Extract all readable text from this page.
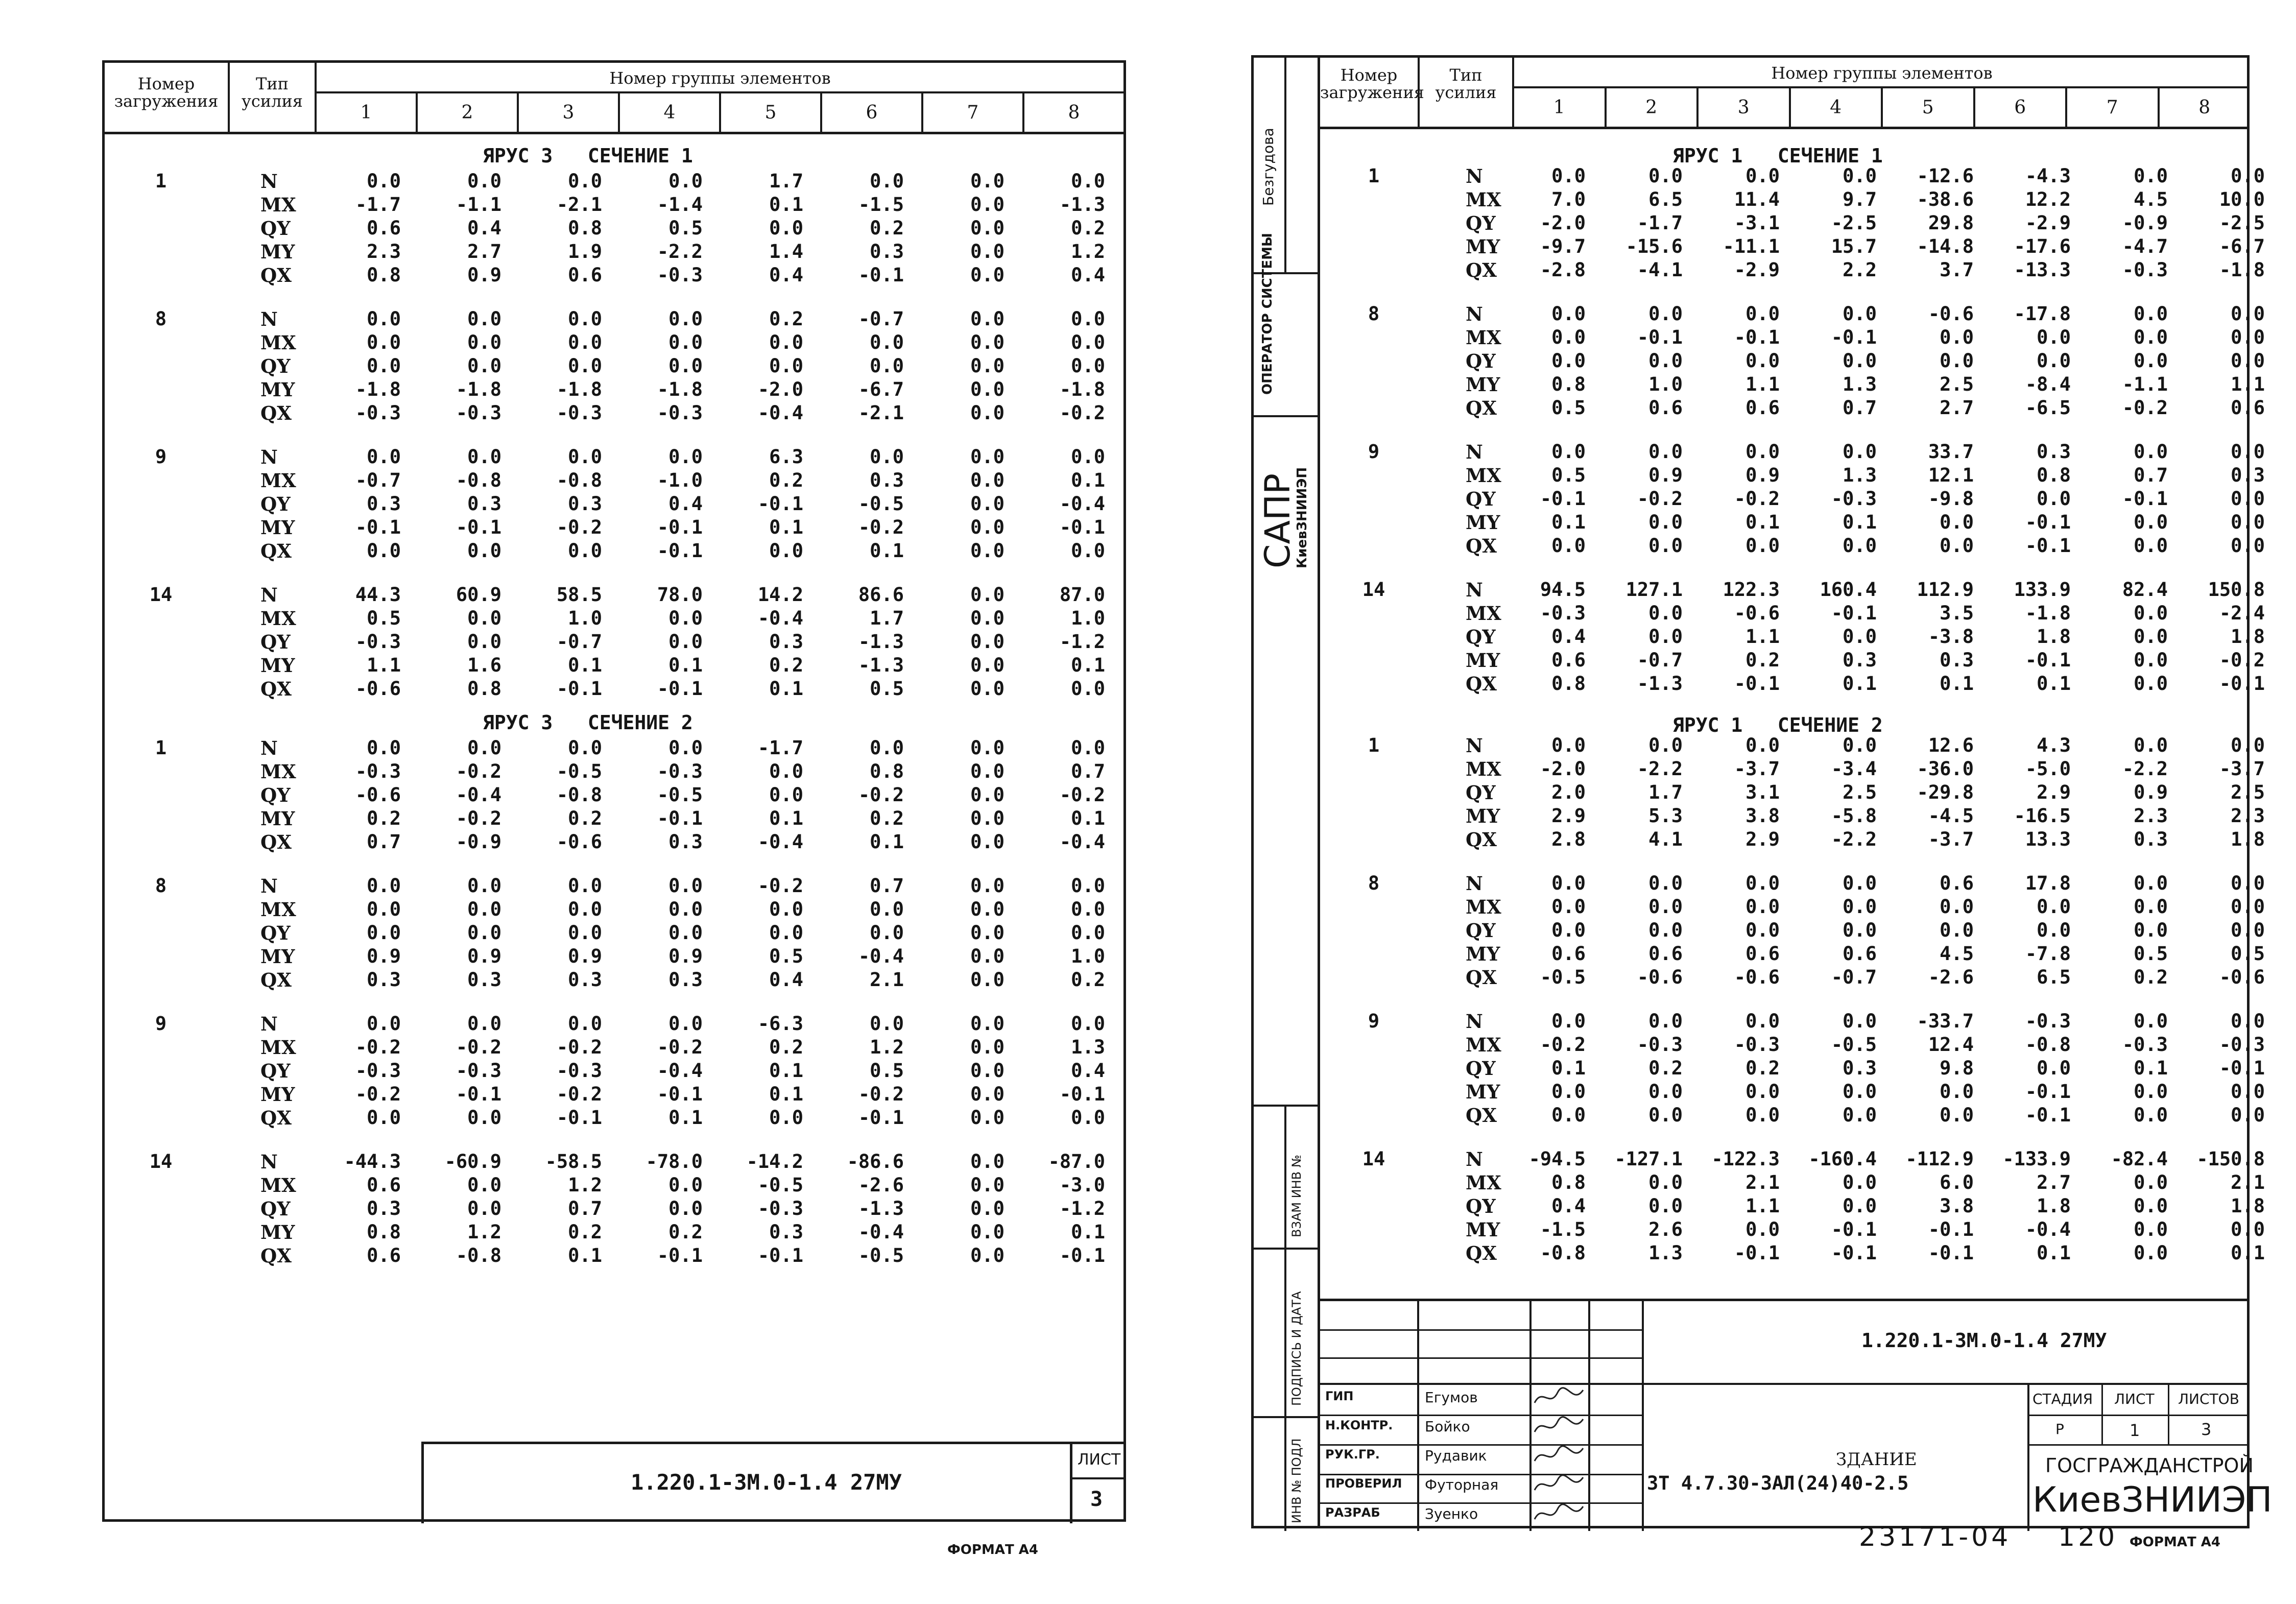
Номер загружения
Тип усилия
Номер группы элементов
1	2	3	4	5	6	7	8
ЯРУС 3   СЕЧЕНИЕ 1
1	N	0.0	0.0	0.0	0.0	1.7	0.0	0.0	0.0
MX	-1.7	-1.1	-2.1	-1.4	0.1	-1.5	0.0	-1.3
QY	0.6	0.4	0.8	0.5	0.0	0.2	0.0	0.2
MY	2.3	2.7	1.9	-2.2	1.4	0.3	0.0	1.2
QX	0.8	0.9	0.6	-0.3	0.4	-0.1	0.0	0.4
8	N	0.0	0.0	0.0	0.0	0.2	-0.7	0.0	0.0
MX	0.0	0.0	0.0	0.0	0.0	0.0	0.0	0.0
QY	0.0	0.0	0.0	0.0	0.0	0.0	0.0	0.0
MY	-1.8	-1.8	-1.8	-1.8	-2.0	-6.7	0.0	-1.8
QX	-0.3	-0.3	-0.3	-0.3	-0.4	-2.1	0.0	-0.2
9	N	0.0	0.0	0.0	0.0	6.3	0.0	0.0	0.0
MX	-0.7	-0.8	-0.8	-1.0	0.2	0.3	0.0	0.1
QY	0.3	0.3	0.3	0.4	-0.1	-0.5	0.0	-0.4
MY	-0.1	-0.1	-0.2	-0.1	0.1	-0.2	0.0	-0.1
QX	0.0	0.0	0.0	-0.1	0.0	0.1	0.0	0.0
14	N	44.3	60.9	58.5	78.0	14.2	86.6	0.0	87.0
MX	0.5	0.0	1.0	0.0	-0.4	1.7	0.0	1.0
QY	-0.3	0.0	-0.7	0.0	0.3	-1.3	0.0	-1.2
MY	1.1	1.6	0.1	0.1	0.2	-1.3	0.0	0.1
QX	-0.6	0.8	-0.1	-0.1	0.1	0.5	0.0	0.0
ЯРУС 3   СЕЧЕНИЕ 2
1	N	0.0	0.0	0.0	0.0	-1.7	0.0	0.0	0.0
MX	-0.3	-0.2	-0.5	-0.3	0.0	0.8	0.0	0.7
QY	-0.6	-0.4	-0.8	-0.5	0.0	-0.2	0.0	-0.2
MY	0.2	-0.2	0.2	-0.1	0.1	0.2	0.0	0.1
QX	0.7	-0.9	-0.6	0.3	-0.4	0.1	0.0	-0.4
8	N	0.0	0.0	0.0	0.0	-0.2	0.7	0.0	0.0
MX	0.0	0.0	0.0	0.0	0.0	0.0	0.0	0.0
QY	0.0	0.0	0.0	0.0	0.0	0.0	0.0	0.0
MY	0.9	0.9	0.9	0.9	0.5	-0.4	0.0	1.0
QX	0.3	0.3	0.3	0.3	0.4	2.1	0.0	0.2
9	N	0.0	0.0	0.0	0.0	-6.3	0.0	0.0	0.0
MX	-0.2	-0.2	-0.2	-0.2	0.2	1.2	0.0	1.3
QY	-0.3	-0.3	-0.3	-0.4	0.1	0.5	0.0	0.4
MY	-0.2	-0.1	-0.2	-0.1	0.1	-0.2	0.0	-0.1
QX	0.0	0.0	-0.1	0.1	0.0	-0.1	0.0	0.0
14	N	-44.3	-60.9	-58.5	-78.0	-14.2	-86.6	0.0	-87.0
MX	0.6	0.0	1.2	0.0	-0.5	-2.6	0.0	-3.0
QY	0.3	0.0	0.7	0.0	-0.3	-1.3	0.0	-1.2
MY	0.8	1.2	0.2	0.2	0.3	-0.4	0.0	0.1
QX	0.6	-0.8	0.1	-0.1	-0.1	-0.5	0.0	-0.1
1.220.1-3М.0-1.4 27МУ
ЛИСТ
3
ФОРМАТ А4
Безгудова
ОПЕРАТОР СИСТЕМЫ
САПР
КиевЗНИИЭП
ВЗАМ ИНВ №
ПОДПИСЬ И ДАТА
ИНВ № ПОДЛ
Номер загружения
Тип усилия
Номер группы элементов
1	2	3	4	5	6	7	8
ЯРУС 1   СЕЧЕНИЕ 1
1	N	0.0	0.0	0.0	0.0	-12.6	-4.3	0.0	0.0
MX	7.0	6.5	11.4	9.7	-38.6	12.2	4.5	10.0
QY	-2.0	-1.7	-3.1	-2.5	29.8	-2.9	-0.9	-2.5
MY	-9.7	-15.6	-11.1	15.7	-14.8	-17.6	-4.7	-6.7
QX	-2.8	-4.1	-2.9	2.2	3.7	-13.3	-0.3	-1.8
8	N	0.0	0.0	0.0	0.0	-0.6	-17.8	0.0	0.0
MX	0.0	-0.1	-0.1	-0.1	0.0	0.0	0.0	0.0
QY	0.0	0.0	0.0	0.0	0.0	0.0	0.0	0.0
MY	0.8	1.0	1.1	1.3	2.5	-8.4	-1.1	1.1
QX	0.5	0.6	0.6	0.7	2.7	-6.5	-0.2	0.6
9	N	0.0	0.0	0.0	0.0	33.7	0.3	0.0	0.0
MX	0.5	0.9	0.9	1.3	12.1	0.8	0.7	0.3
QY	-0.1	-0.2	-0.2	-0.3	-9.8	0.0	-0.1	0.0
MY	0.1	0.0	0.1	0.1	0.0	-0.1	0.0	0.0
QX	0.0	0.0	0.0	0.0	0.0	-0.1	0.0	0.0
14	N	94.5	127.1	122.3	160.4	112.9	133.9	82.4	150.8
MX	-0.3	0.0	-0.6	-0.1	3.5	-1.8	0.0	-2.4
QY	0.4	0.0	1.1	0.0	-3.8	1.8	0.0	1.8
MY	0.6	-0.7	0.2	0.3	0.3	-0.1	0.0	-0.2
QX	0.8	-1.3	-0.1	0.1	0.1	0.1	0.0	-0.1
ЯРУС 1   СЕЧЕНИЕ 2
1	N	0.0	0.0	0.0	0.0	12.6	4.3	0.0	0.0
MX	-2.0	-2.2	-3.7	-3.4	-36.0	-5.0	-2.2	-3.7
QY	2.0	1.7	3.1	2.5	-29.8	2.9	0.9	2.5
MY	2.9	5.3	3.8	-5.8	-4.5	-16.5	2.3	2.3
QX	2.8	4.1	2.9	-2.2	-3.7	13.3	0.3	1.8
8	N	0.0	0.0	0.0	0.0	0.6	17.8	0.0	0.0
MX	0.0	0.0	0.0	0.0	0.0	0.0	0.0	0.0
QY	0.0	0.0	0.0	0.0	0.0	0.0	0.0	0.0
MY	0.6	0.6	0.6	0.6	4.5	-7.8	0.5	0.5
QX	-0.5	-0.6	-0.6	-0.7	-2.6	6.5	0.2	-0.6
9	N	0.0	0.0	0.0	0.0	-33.7	-0.3	0.0	0.0
MX	-0.2	-0.3	-0.3	-0.5	12.4	-0.8	-0.3	-0.3
QY	0.1	0.2	0.2	0.3	9.8	0.0	0.1	-0.1
MY	0.0	0.0	0.0	0.0	0.0	-0.1	0.0	0.0
QX	0.0	0.0	0.0	0.0	0.0	-0.1	0.0	0.0
14	N	-94.5	-127.1	-122.3	-160.4	-112.9	-133.9	-82.4	-150.8
MX	0.8	0.0	2.1	0.0	6.0	2.7	0.0	2.1
QY	0.4	0.0	1.1	0.0	3.8	1.8	0.0	1.8
MY	-1.5	2.6	0.0	-0.1	-0.1	-0.4	0.0	0.0
QX	-0.8	1.3	-0.1	-0.1	-0.1	0.1	0.0	0.1
1.220.1-3М.0-1.4 27МУ
ГИП	Егумов
Н.КОНТР. Бойко
РУК.ГР.	Рудавик
ПРОВЕРИЛ Футорная
РАЗРАБ	Зуенко
ЗДАНИЕ
3Т 4.7.30-ЗАЛ(24)40-2.5
СТАДИЯ ЛИСТ ЛИСТОВ
Р	1	3
ГОСГРАЖДАНСТРОЙ
КиевЗНИИЭП
23171-04 120 ФОРМАТ А4
